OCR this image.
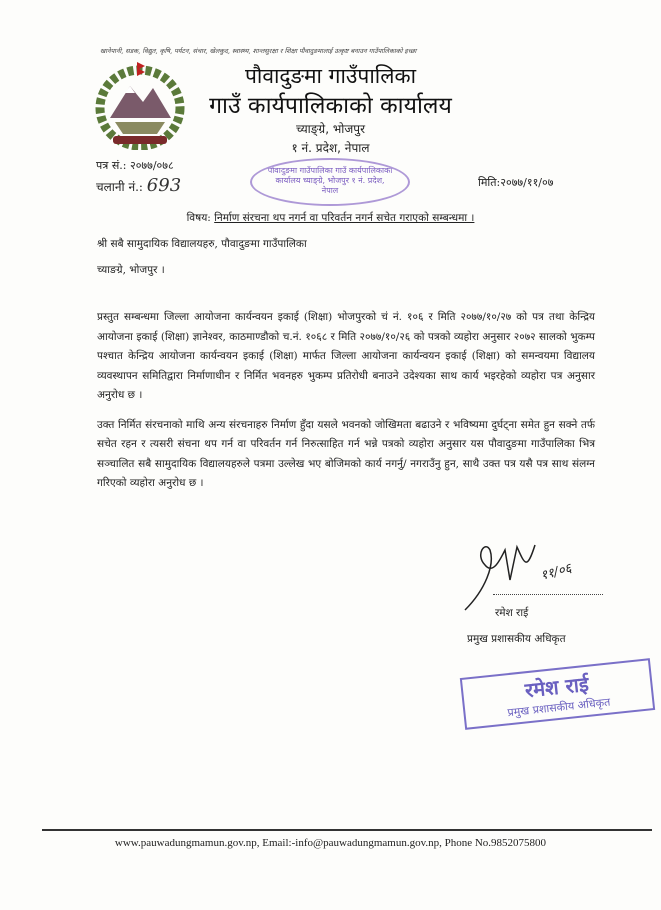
खानेपानी, सडक, विद्युत, कृषि, पर्यटन, संचार, खेलकुद, स्वास्थ्य, शान्तसुरक्षा र शिक्षा पौवादुङमालाई उत्कृष्ट बनाउन गाउँपालिकाको इच्छा
पौवादुङमा गाउँपालिका
गाउँ कार्यपालिकाको कार्यालय
च्याङ्ग्रे, भोजपुर
१ नं. प्रदेश, नेपाल
पौवादुङमा गाउँपालिका गाउँ कार्यपालिकाको कार्यालय च्याङ्ग्रे, भोजपुर १ नं. प्रदेश, नेपाल
पत्र सं.: २०७७/०७८
चलानी नं.: 693	मिति:२०७७/११/०७
विषय: निर्माण संरचना थप नगर्न वा परिवर्तन नगर्न सचेत गराएको सम्बन्धमा ।
श्री सबै सामुदायिक विद्यालयहरु, पौवादुङमा गाउँपालिका
च्याङग्रे, भोजपुर ।
प्रस्तुत सम्बन्धमा जिल्ला आयोजना कार्यन्वयन इकाई (शिक्षा) भोजपुरको चं नं. १०६ र मिति २०७७/१०/२७ को पत्र तथा केन्द्रिय आयोजना इकाई (शिक्षा) ज्ञानेश्वर, काठमाण्डौको च.नं. १०६८ र मिति २०७७/१०/२६ को पत्रको व्यहोरा अनुसार २०७२ सालको भुकम्प पश्चात केन्द्रिय आयोजना कार्यन्वयन इकाई (शिक्षा) मार्फत जिल्ला आयोजना कार्यन्वयन इकाई (शिक्षा) को समन्वयमा विद्यालय व्यवस्थापन समितिद्वारा निर्माणाधीन र निर्मित भवनहरु भुकम्प प्रतिरोधी बनाउने उदेश्यका साथ कार्य भइरहेको व्यहोरा पत्र अनुसार अनुरोध छ ।
उक्त निर्मित संरचनाको माथि अन्य संरचनाहरु निर्माण हुँदा यसले भवनको जोखिमता बढाउने र भविष्यमा दुर्घट्ना समेत हुन सक्ने तर्फ सचेत रहन र त्यसरी संचना थप गर्न वा परिवर्तन गर्न निरुत्साहित गर्न भन्ने पत्रको व्यहोरा अनुसार यस पौवादुङमा गाउँपालिका भित्र सञ्चालित सबै सामुदायिक विद्यालयहरुले पत्रमा उल्लेख भए बोजिमको कार्य नगर्नु/ नगराउँनु हुन, साथै उक्त पत्र यसै पत्र साथ संलग्न गरिएको व्यहोरा अनुरोध छ ।
११/०६
रमेश राई
प्रमुख प्रशासकीय अधिकृत
रमेश राई
प्रमुख प्रशासकीय अधिकृत
www.pauwadungmamun.gov.np, Email:-info@pauwadungmamun.gov.np, Phone No.9852075800
